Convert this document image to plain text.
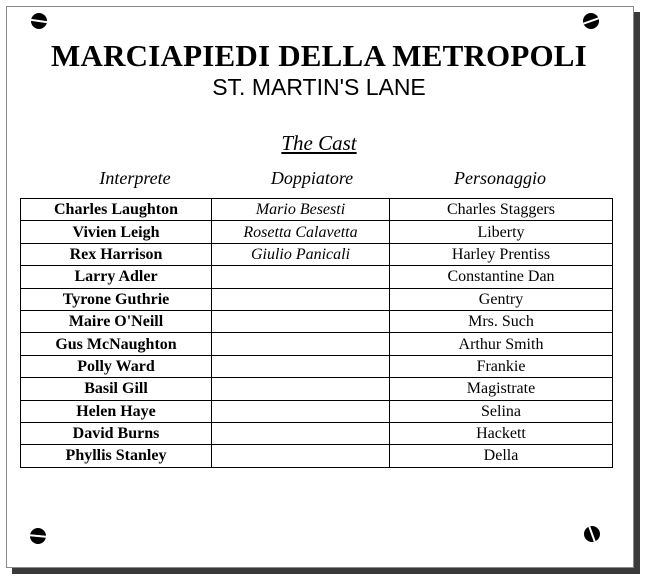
MARCIAPIEDI DELLA METROPOLI
ST. MARTIN'S LANE
The Cast
Interprete	Doppiatore	Personaggio
Charles Laughton	Mario Besesti	Charles Staggers
Vivien Leigh	Rosetta Calavetta	Liberty
Rex Harrison	Giulio Panicali	Harley Prentiss
Larry Adler		Constantine Dan
Tyrone Guthrie		Gentry
Maire O'Neill		Mrs. Such
Gus McNaughton		Arthur Smith
Polly Ward		Frankie
Basil Gill		Magistrate
Helen Haye		Selina
David Burns		Hackett
Phyllis Stanley		Della
